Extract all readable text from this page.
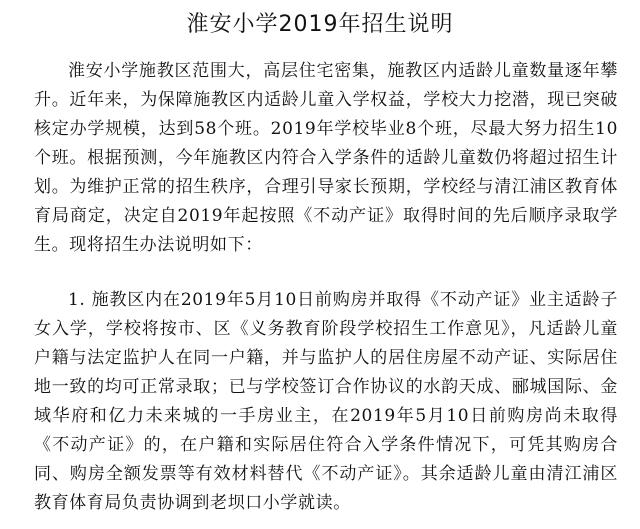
淮安小学2019年招生说明

淮安小学施教区范围大，高层住宅密集，施教区内适龄儿童数量逐年攀升。近年来，为保障施教区内适龄儿童入学权益，学校大力挖潜，现已突破核定办学规模，达到58个班。2019年学校毕业8个班，尽最大努力招生10个班。根据预测，今年施教区内符合入学条件的适龄儿童数仍将超过招生计划。为维护正常的招生秩序，合理引导家长预期，学校经与清江浦区教育体育局商定，决定自2019年起按照《不动产证》取得时间的先后顺序录取学生。现将招生办法说明如下：

1. 施教区内在2019年5月10日前购房并取得《不动产证》业主适龄子女入学，学校将按市、区《义务教育阶段学校招生工作意见》，凡适龄儿童户籍与法定监护人在同一户籍，并与监护人的居住房屋不动产证、实际居住地一致的均可正常录取；已与学校签订合作协议的水韵天成、郦城国际、金域华府和亿力未来城的一手房业主，在2019年5月10日前购房尚未取得《不动产证》的，在户籍和实际居住符合入学条件情况下，可凭其购房合同、购房全额发票等有效材料替代《不动产证》。其余适龄儿童由清江浦区教育体育局负责协调到老坝口小学就读。
